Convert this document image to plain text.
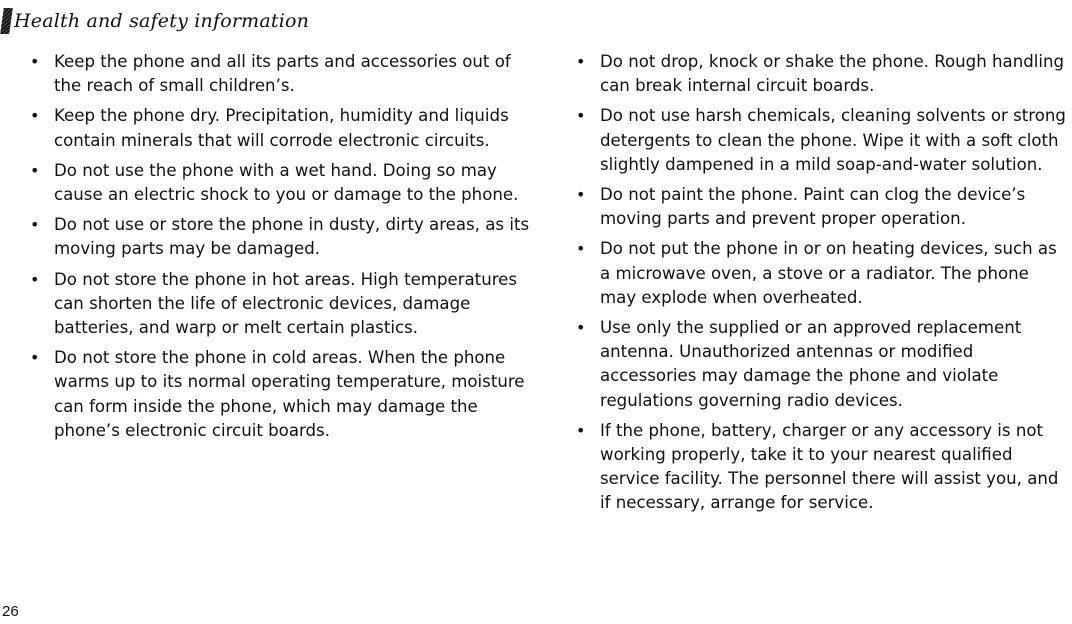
Health and safety information
• Keep the phone and all its parts and accessories out of the reach of small children’s.
• Keep the phone dry. Precipitation, humidity and liquids contain minerals that will corrode electronic circuits.
• Do not use the phone with a wet hand. Doing so may cause an electric shock to you or damage to the phone.
• Do not use or store the phone in dusty, dirty areas, as its moving parts may be damaged.
• Do not store the phone in hot areas. High temperatures can shorten the life of electronic devices, damage batteries, and warp or melt certain plastics.
• Do not store the phone in cold areas. When the phone warms up to its normal operating temperature, moisture can form inside the phone, which may damage the phone’s electronic circuit boards.
• Do not drop, knock or shake the phone. Rough handling can break internal circuit boards.
• Do not use harsh chemicals, cleaning solvents or strong detergents to clean the phone. Wipe it with a soft cloth slightly dampened in a mild soap-and-water solution.
• Do not paint the phone. Paint can clog the device’s moving parts and prevent proper operation.
• Do not put the phone in or on heating devices, such as a microwave oven, a stove or a radiator. The phone may explode when overheated.
• Use only the supplied or an approved replacement antenna. Unauthorized antennas or modified accessories may damage the phone and violate regulations governing radio devices.
• If the phone, battery, charger or any accessory is not working properly, take it to your nearest qualified service facility. The personnel there will assist you, and if necessary, arrange for service.
26
